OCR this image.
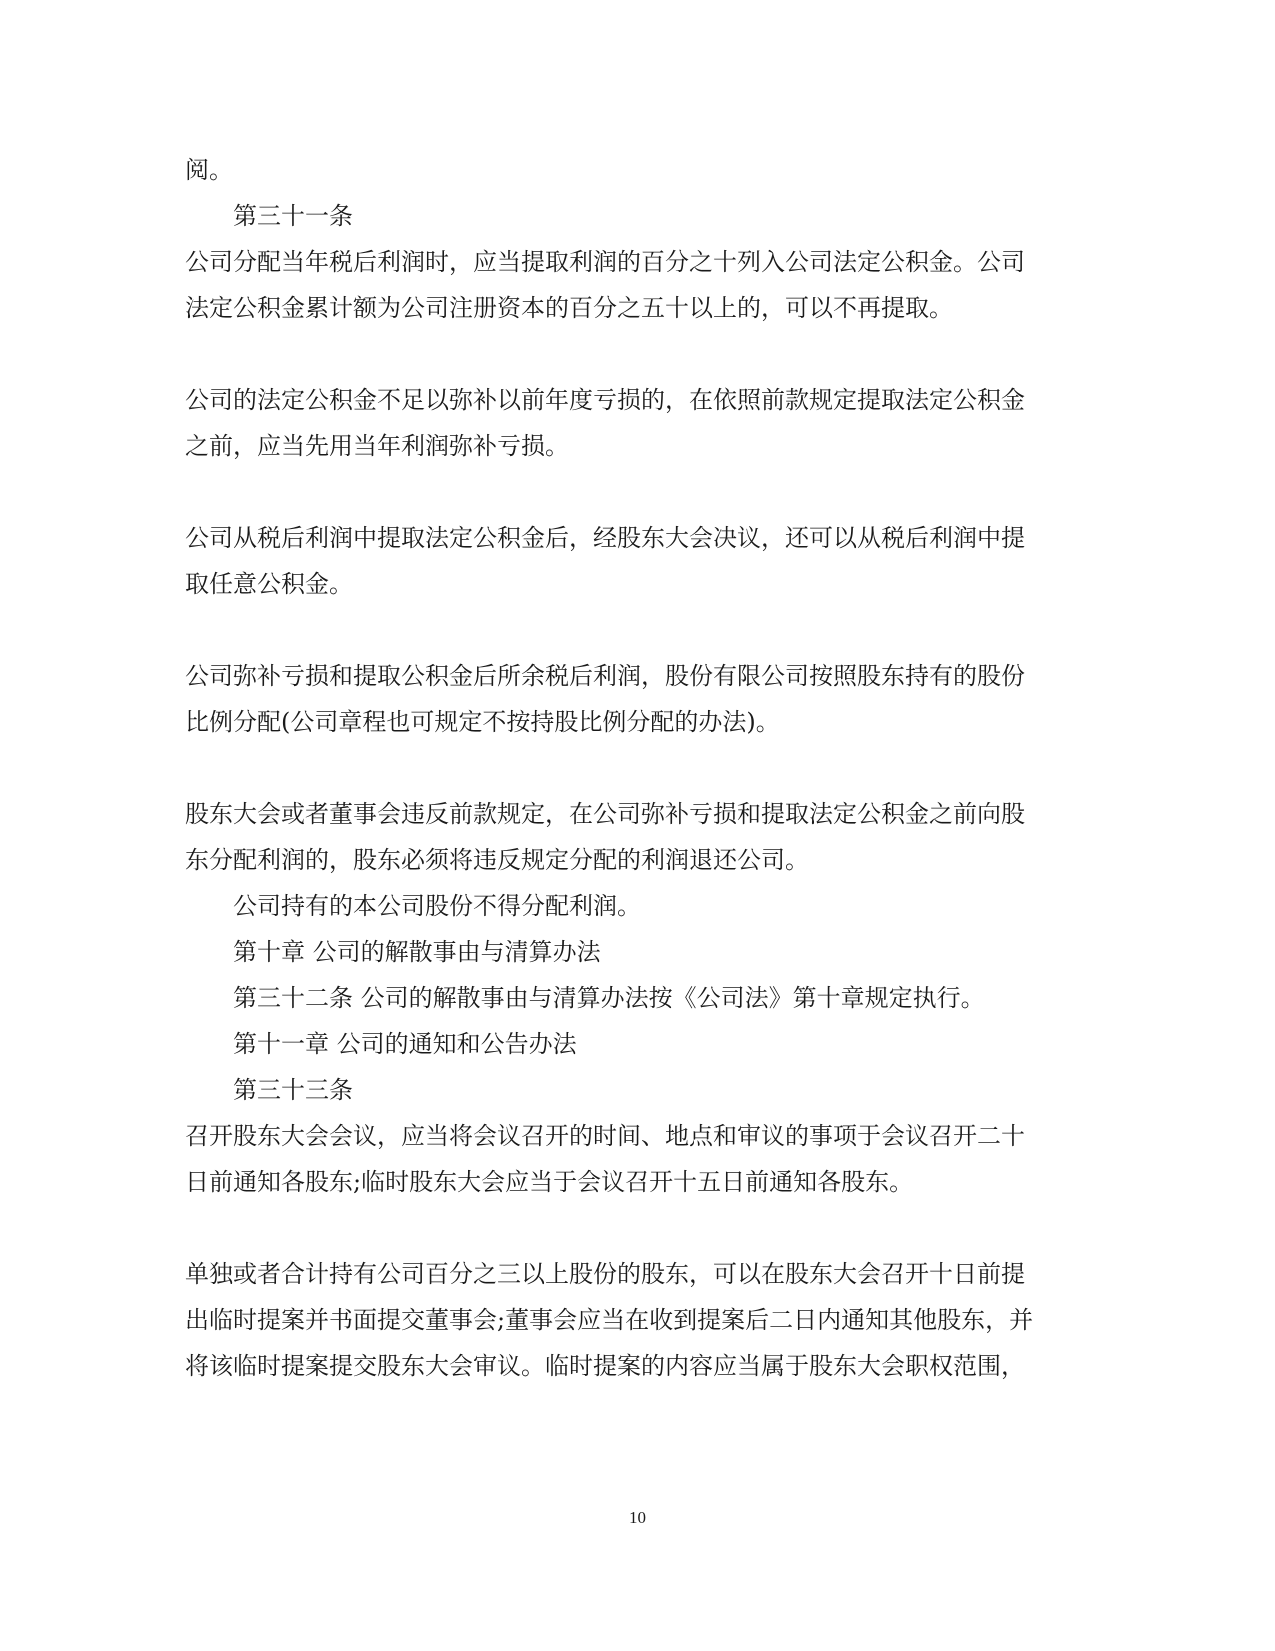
阅。
第三十一条
公司分配当年税后利润时，应当提取利润的百分之十列入公司法定公积金。公司
法定公积金累计额为公司注册资本的百分之五十以上的，可以不再提取。
公司的法定公积金不足以弥补以前年度亏损的，在依照前款规定提取法定公积金
之前，应当先用当年利润弥补亏损。
公司从税后利润中提取法定公积金后，经股东大会决议，还可以从税后利润中提
取任意公积金。
公司弥补亏损和提取公积金后所余税后利润，股份有限公司按照股东持有的股份
比例分配(公司章程也可规定不按持股比例分配的办法)。
股东大会或者董事会违反前款规定，在公司弥补亏损和提取法定公积金之前向股
东分配利润的，股东必须将违反规定分配的利润退还公司。
公司持有的本公司股份不得分配利润。
第十章 公司的解散事由与清算办法
第三十二条 公司的解散事由与清算办法按《公司法》第十章规定执行。
第十一章 公司的通知和公告办法
第三十三条
召开股东大会会议，应当将会议召开的时间、地点和审议的事项于会议召开二十
日前通知各股东;临时股东大会应当于会议召开十五日前通知各股东。
单独或者合计持有公司百分之三以上股份的股东，可以在股东大会召开十日前提
出临时提案并书面提交董事会;董事会应当在收到提案后二日内通知其他股东，并
将该临时提案提交股东大会审议。临时提案的内容应当属于股东大会职权范围，
10
